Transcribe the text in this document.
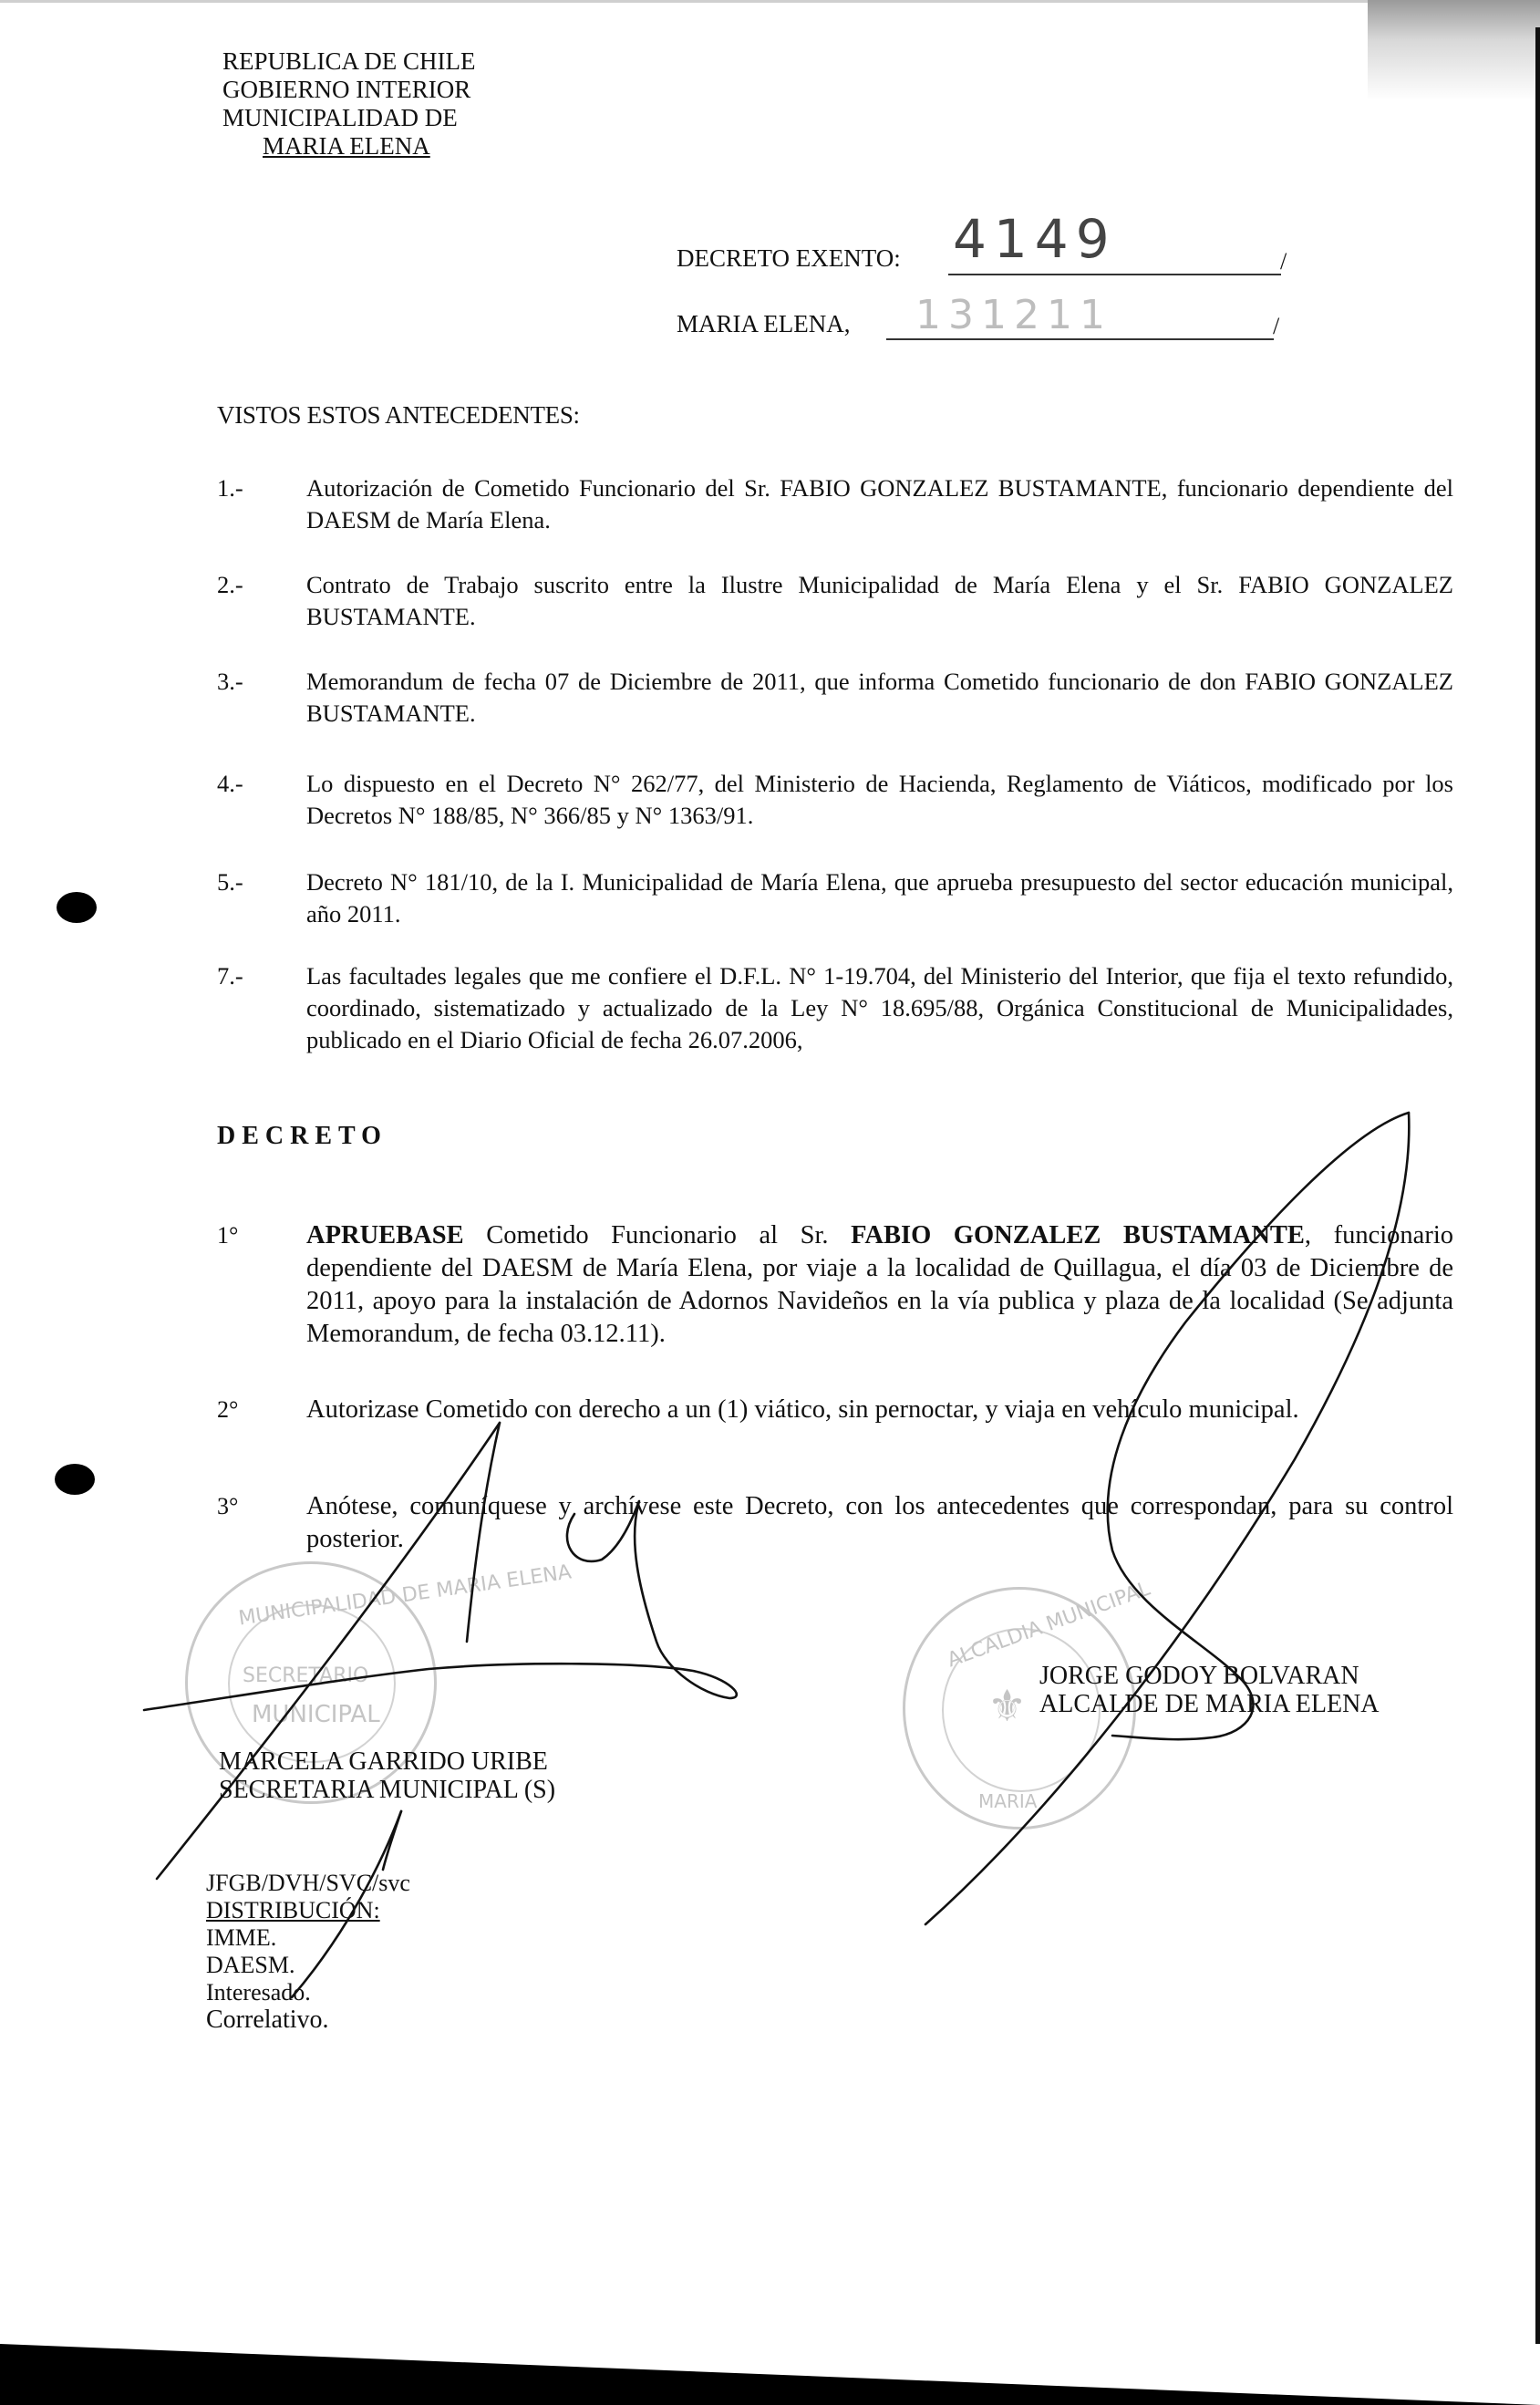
REPUBLICA DE CHILE
GOBIERNO INTERIOR
MUNICIPALIDAD DE
MARIA ELENA
DECRETO EXENTO: 4149	/
MARIA ELENA, 131211	/
VISTOS ESTOS ANTECEDENTES:
1.-	Autorización de Cometido Funcionario del Sr. FABIO GONZALEZ BUSTAMANTE, funcionario dependiente del DAESM de María Elena.
2.-	Contrato de Trabajo suscrito entre la Ilustre Municipalidad de María Elena y el Sr. FABIO GONZALEZ BUSTAMANTE.
3.-	Memorandum de fecha 07 de Diciembre de 2011, que informa Cometido funcionario de don FABIO GONZALEZ BUSTAMANTE.
4.-	Lo dispuesto en el Decreto N° 262/77, del Ministerio de Hacienda, Reglamento de Viáticos, modificado por los Decretos N° 188/85, N° 366/85 y N° 1363/91.
5.-	Decreto N° 181/10, de la I. Municipalidad de María Elena, que aprueba presupuesto del sector educación municipal, año 2011.
7.-	Las facultades legales que me confiere el D.F.L. N° 1-19.704, del Ministerio del Interior, que fija el texto refundido, coordinado, sistematizado y actualizado de la Ley N° 18.695/88, Orgánica Constitucional de Municipalidades, publicado en el Diario Oficial de fecha 26.07.2006,
DECRETO
1°	APRUEBASE Cometido Funcionario al Sr. FABIO GONZALEZ BUSTAMANTE, funcionario dependiente del DAESM de María Elena, por viaje a la localidad de Quillagua, el día 03 de Diciembre de 2011, apoyo para la instalación de Adornos Navideños en la vía publica y plaza de la localidad (Se adjunta Memorandum, de fecha 03.12.11).
2°	Autorizase Cometido con derecho a un (1) viático, sin pernoctar, y viaja en vehículo municipal.
3°	Anótese, comuníquese y archívese este Decreto, con los antecedentes que correspondan, para su control posterior.
MUNICIPALIDAD DE MARIA ELENA
SECRETARIO
MUNICIPAL
ALCALDIA MUNICIPAL
MARIA
⚜
MARCELA GARRIDO URIBE
SECRETARIA MUNICIPAL (S)
JORGE GODOY BOLVARAN
ALCALDE DE MARIA ELENA
JFGB/DVH/SVC/svc
DISTRIBUCIÓN:
IMME.
DAESM.
Interesado.
Correlativo.
